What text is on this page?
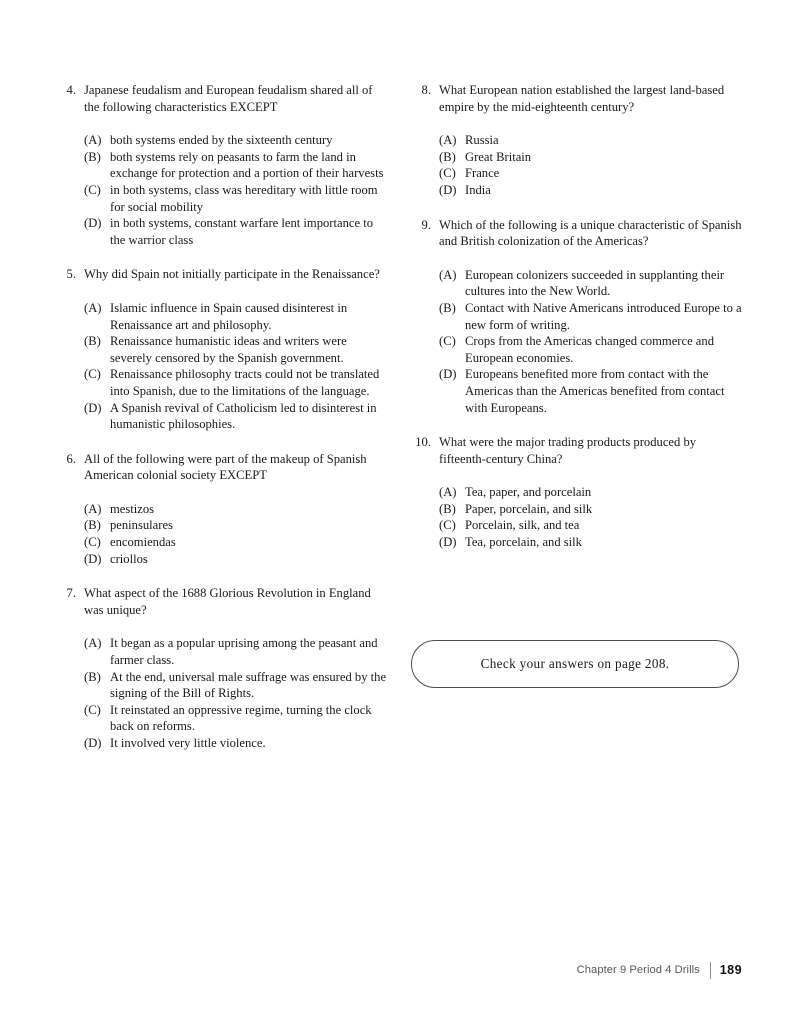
4. Japanese feudalism and European feudalism shared all of the following characteristics EXCEPT
(A) both systems ended by the sixteenth century
(B) both systems rely on peasants to farm the land in exchange for protection and a portion of their harvests
(C) in both systems, class was hereditary with little room for social mobility
(D) in both systems, constant warfare lent importance to the warrior class
5. Why did Spain not initially participate in the Renaissance?
(A) Islamic influence in Spain caused disinterest in Renaissance art and philosophy.
(B) Renaissance humanistic ideas and writers were severely censored by the Spanish government.
(C) Renaissance philosophy tracts could not be translated into Spanish, due to the limitations of the language.
(D) A Spanish revival of Catholicism led to disinterest in humanistic philosophies.
6. All of the following were part of the makeup of Spanish American colonial society EXCEPT
(A) mestizos
(B) peninsulares
(C) encomiendas
(D) criollos
7. What aspect of the 1688 Glorious Revolution in England was unique?
(A) It began as a popular uprising among the peasant and farmer class.
(B) At the end, universal male suffrage was ensured by the signing of the Bill of Rights.
(C) It reinstated an oppressive regime, turning the clock back on reforms.
(D) It involved very little violence.
8. What European nation established the largest land-based empire by the mid-eighteenth century?
(A) Russia
(B) Great Britain
(C) France
(D) India
9. Which of the following is a unique characteristic of Spanish and British colonization of the Americas?
(A) European colonizers succeeded in supplanting their cultures into the New World.
(B) Contact with Native Americans introduced Europe to a new form of writing.
(C) Crops from the Americas changed commerce and European economies.
(D) Europeans benefited more from contact with the Americas than the Americas benefited from contact with Europeans.
10. What were the major trading products produced by fifteenth-century China?
(A) Tea, paper, and porcelain
(B) Paper, porcelain, and silk
(C) Porcelain, silk, and tea
(D) Tea, porcelain, and silk
Check your answers on page 208.
Chapter 9 Period 4 Drills 189
